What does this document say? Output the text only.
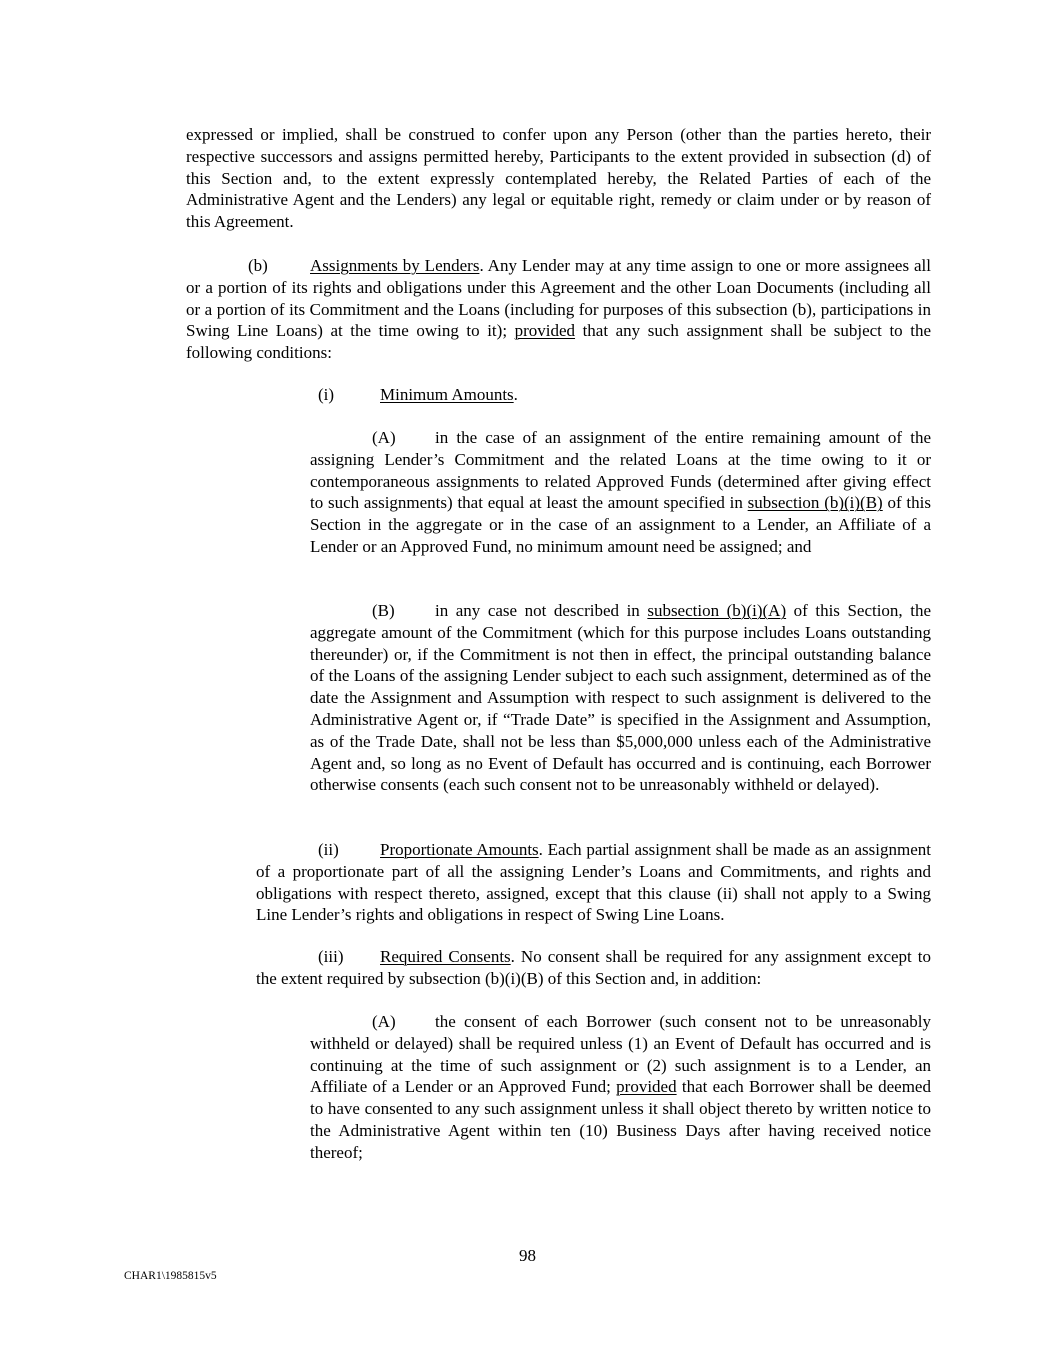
expressed or implied, shall be construed to confer upon any Person (other than the parties hereto, their respective successors and assigns permitted hereby, Participants to the extent provided in subsection (d) of this Section and, to the extent expressly contemplated hereby, the Related Parties of each of the Administrative Agent and the Lenders) any legal or equitable right, remedy or claim under or by reason of this Agreement.

(b) Assignments by Lenders. Any Lender may at any time assign to one or more assignees all or a portion of its rights and obligations under this Agreement and the other Loan Documents (including all or a portion of its Commitment and the Loans (including for purposes of this subsection (b), participations in Swing Line Loans) at the time owing to it); provided that any such assignment shall be subject to the following conditions:

(i)	Minimum Amounts.

(A) in the case of an assignment of the entire remaining amount of the assigning Lender’s Commitment and the related Loans at the time owing to it or contemporaneous assignments to related Approved Funds (determined after giving effect to such assignments) that equal at least the amount specified in subsection (b)(i)(B) of this Section in the aggregate or in the case of an assignment to a Lender, an Affiliate of a Lender or an Approved Fund, no minimum amount need be assigned; and

(B) in any case not described in subsection (b)(i)(A) of this Section, the aggregate amount of the Commitment (which for this purpose includes Loans outstanding thereunder) or, if the Commitment is not then in effect, the principal outstanding balance of the Loans of the assigning Lender subject to each such assignment, determined as of the date the Assignment and Assumption with respect to such assignment is delivered to the Administrative Agent or, if “Trade Date” is specified in the Assignment and Assumption, as of the Trade Date, shall not be less than $5,000,000 unless each of the Administrative Agent and, so long as no Event of Default has occurred and is continuing, each Borrower otherwise consents (each such consent not to be unreasonably withheld or delayed).

(ii) Proportionate Amounts. Each partial assignment shall be made as an assignment of a proportionate part of all the assigning Lender’s Loans and Commitments, and rights and obligations with respect thereto, assigned, except that this clause (ii) shall not apply to a Swing Line Lender’s rights and obligations in respect of Swing Line Loans.

(iii) Required Consents. No consent shall be required for any assignment except to the extent required by subsection (b)(i)(B) of this Section and, in addition:

(A) the consent of each Borrower (such consent not to be unreasonably withheld or delayed) shall be required unless (1) an Event of Default has occurred and is continuing at the time of such assignment or (2) such assignment is to a Lender, an Affiliate of a Lender or an Approved Fund; provided that each Borrower shall be deemed to have consented to any such assignment unless it shall object thereto by written notice to the Administrative Agent within ten (10) Business Days after having received notice thereof;

98
CHAR1\1985815v5
